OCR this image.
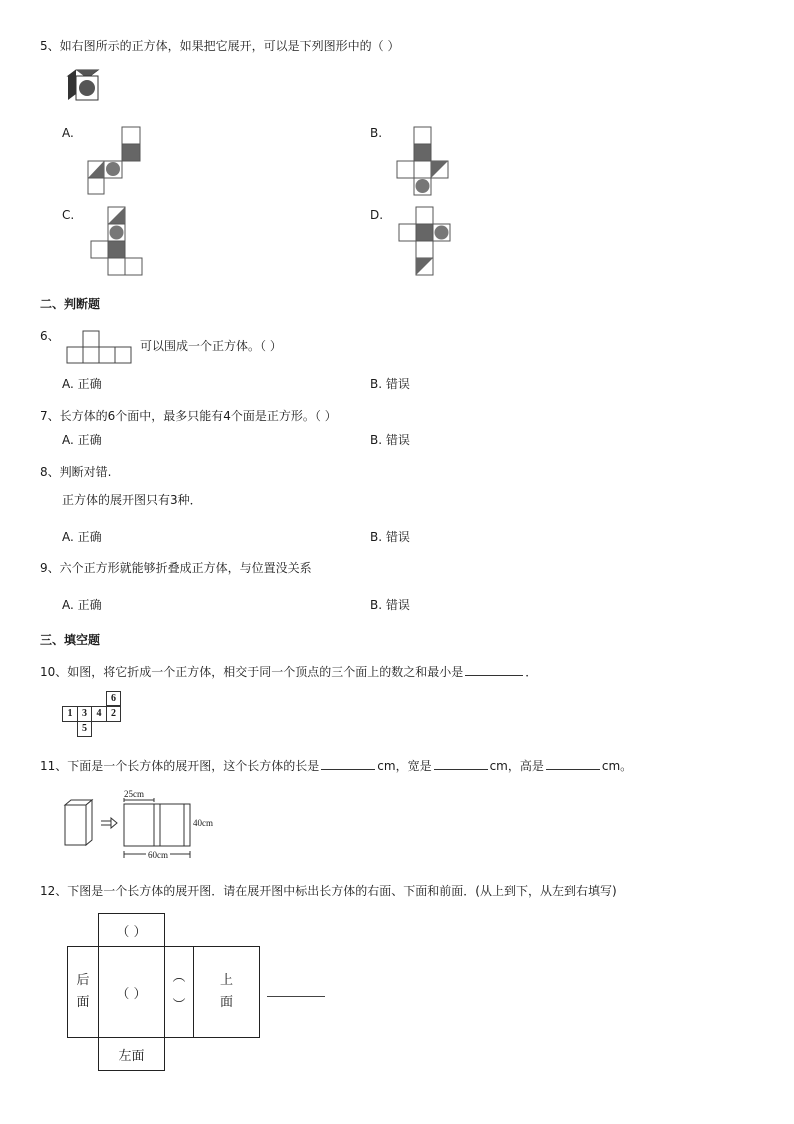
5、如右图所示的正方体，如果把它展开，可以是下列图形中的（ ）
A.	B.
C.	D.
二、判断题
6、
可以围成一个正方体。（ ）
A. 正确	B. 错误
7、长方体的6个面中，最多只能有4个面是正方形。（ ）
A. 正确	B. 错误
8、判断对错.
正方体的展开图只有3种．
A. 正确	B. 错误
9、六个正方形就能够折叠成正方体，与位置没关系
A. 正确	B. 错误
三、填空题
10、如图，将它折成一个正方体，相交于同一个顶点的三个面上的数之和最小是	．
6
1 3 4 2
5
11、下面是一个长方体的展开图，这个长方体的长是	cm，宽是	cm，高是	cm。
25cm
40cm
60cm
12、下图是一个长方体的展开图．请在展开图中标出长方体的右面、下面和前面．(从上到下，从左到右填写)
（ ）
后
面
（ ）
︵
︶
上
面
左面
